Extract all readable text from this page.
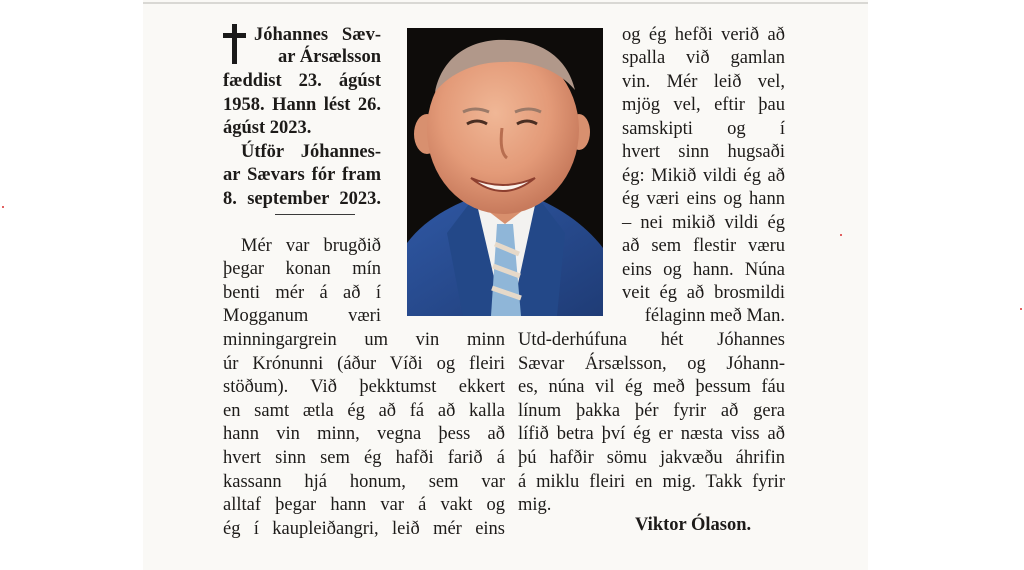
Jóhannes Sæv-
ar Ársælsson
fæddist 23. ágúst
1958. Hann lést 26.
ágúst 2023.
Útför Jóhannes-
ar Sævars fór fram
8. september 2023.
Mér var brugðið
þegar konan mín
benti mér á að í
Mogganum væri
minningargrein um vin minn
úr Krónunni (áður Víði og fleiri
stöðum). Við þekktumst ekkert
en samt ætla ég að fá að kalla
hann vin minn, vegna þess að
hvert sinn sem ég hafði farið á
kassann hjá honum, sem var
alltaf þegar hann var á vakt og
ég í kaupleiðangri, leið mér eins
og ég hefði verið að
spalla við gamlan
vin. Mér leið vel,
mjög vel, eftir þau
samskipti og í
hvert sinn hugsaði
ég: Mikið vildi ég að
ég væri eins og hann
– nei mikið vildi ég
að sem flestir væru
eins og hann. Núna
veit ég að brosmildi
félaginn með Man.
Utd-derhúfuna hét Jóhannes
Sævar Ársælsson, og Jóhann-
es, núna vil ég með þessum fáu
línum þakka þér fyrir að gera
lífið betra því ég er næsta viss að
þú hafðir sömu jakvæðu áhrifin
á miklu fleiri en mig. Takk fyrir
mig.
Viktor Ólason.
